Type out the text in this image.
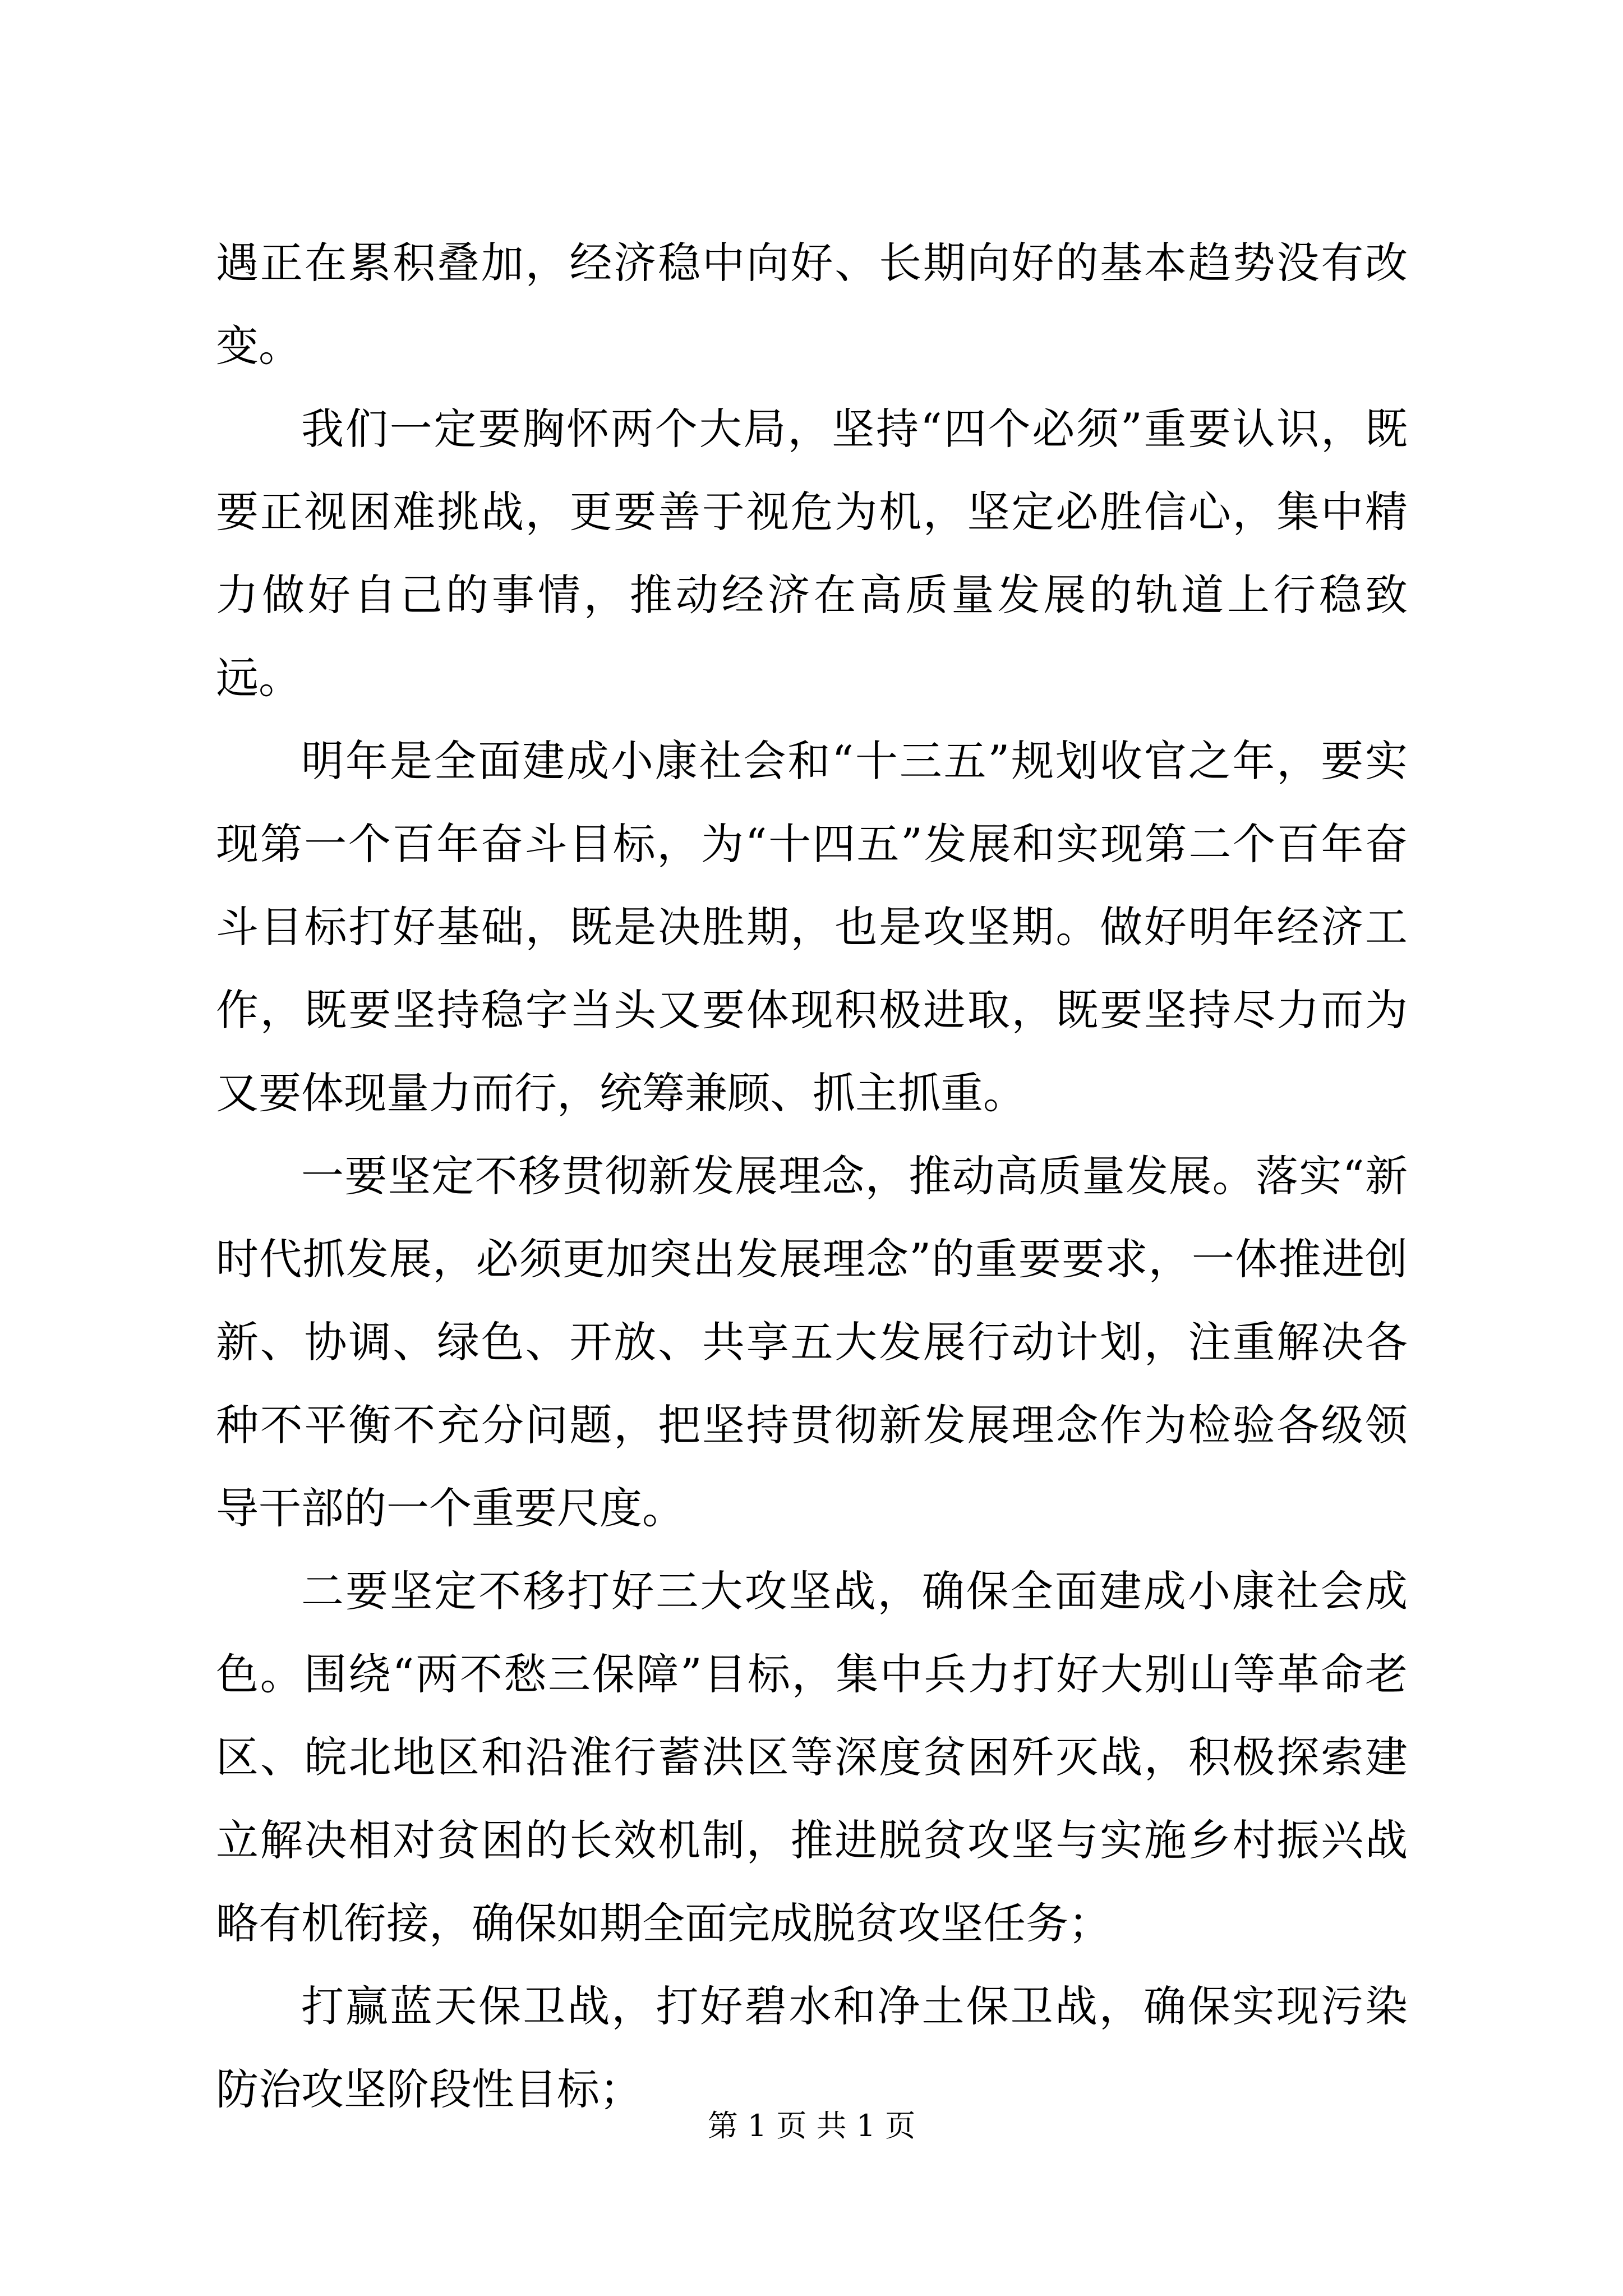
遇正在累积叠加，经济稳中向好、长期向好的基本趋势没有改变。

我们一定要胸怀两个大局，坚持“四个必须”重要认识，既要正视困难挑战，更要善于视危为机，坚定必胜信心，集中精力做好自己的事情，推动经济在高质量发展的轨道上行稳致远。

明年是全面建成小康社会和“十三五”规划收官之年，要实现第一个百年奋斗目标，为“十四五”发展和实现第二个百年奋斗目标打好基础，既是决胜期，也是攻坚期。做好明年经济工作，既要坚持稳字当头又要体现积极进取，既要坚持尽力而为又要体现量力而行，统筹兼顾、抓主抓重。

一要坚定不移贯彻新发展理念，推动高质量发展。落实“新时代抓发展，必须更加突出发展理念”的重要要求，一体推进创新、协调、绿色、开放、共享五大发展行动计划，注重解决各种不平衡不充分问题，把坚持贯彻新发展理念作为检验各级领导干部的一个重要尺度。

二要坚定不移打好三大攻坚战，确保全面建成小康社会成色。围绕“两不愁三保障”目标，集中兵力打好大别山等革命老区、皖北地区和沿淮行蓄洪区等深度贫困歼灭战，积极探索建立解决相对贫困的长效机制，推进脱贫攻坚与实施乡村振兴战略有机衔接，确保如期全面完成脱贫攻坚任务；

打赢蓝天保卫战，打好碧水和净土保卫战，确保实现污染防治攻坚阶段性目标；

第 1 页 共 1 页
